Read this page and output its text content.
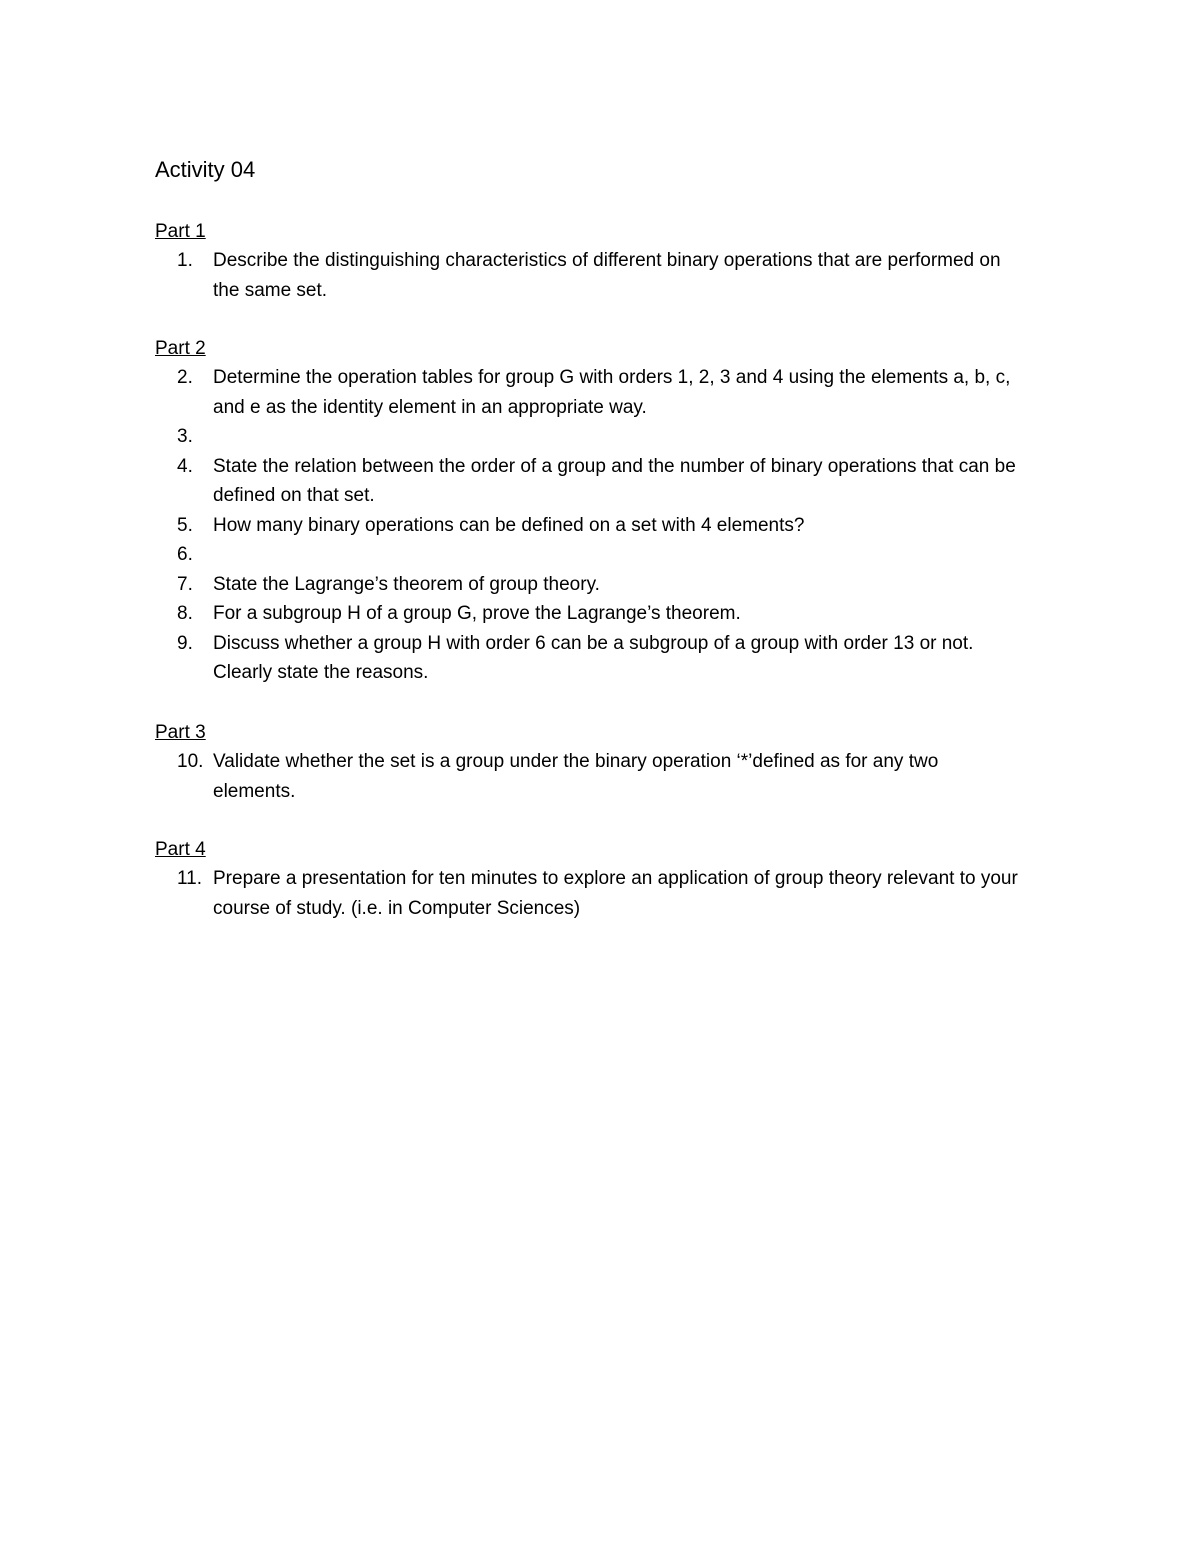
Activity 04
Part 1
1.	Describe the distinguishing characteristics of different binary operations that are performed on
the same set.
Part 2
2.	Determine the operation tables for group G with orders 1, 2, 3 and 4 using the elements a, b, c,
and e as the identity element in an appropriate way.
3.
4.	State the relation between the order of a group and the number of binary operations that can be
defined on that set.
5.	How many binary operations can be defined on a set with 4 elements?
6.
7.	State the Lagrange’s theorem of group theory.
8.	For a subgroup H of a group G, prove the Lagrange’s theorem.
9.	Discuss whether a group H with order 6 can be a subgroup of a group with order 13 or not.
Clearly state the reasons.
Part 3
10. Validate whether the set is a group under the binary operation ‘*’defined as for any two
elements.
Part 4
11. Prepare a presentation for ten minutes to explore an application of group theory relevant to your
course of study. (i.e. in Computer Sciences)
